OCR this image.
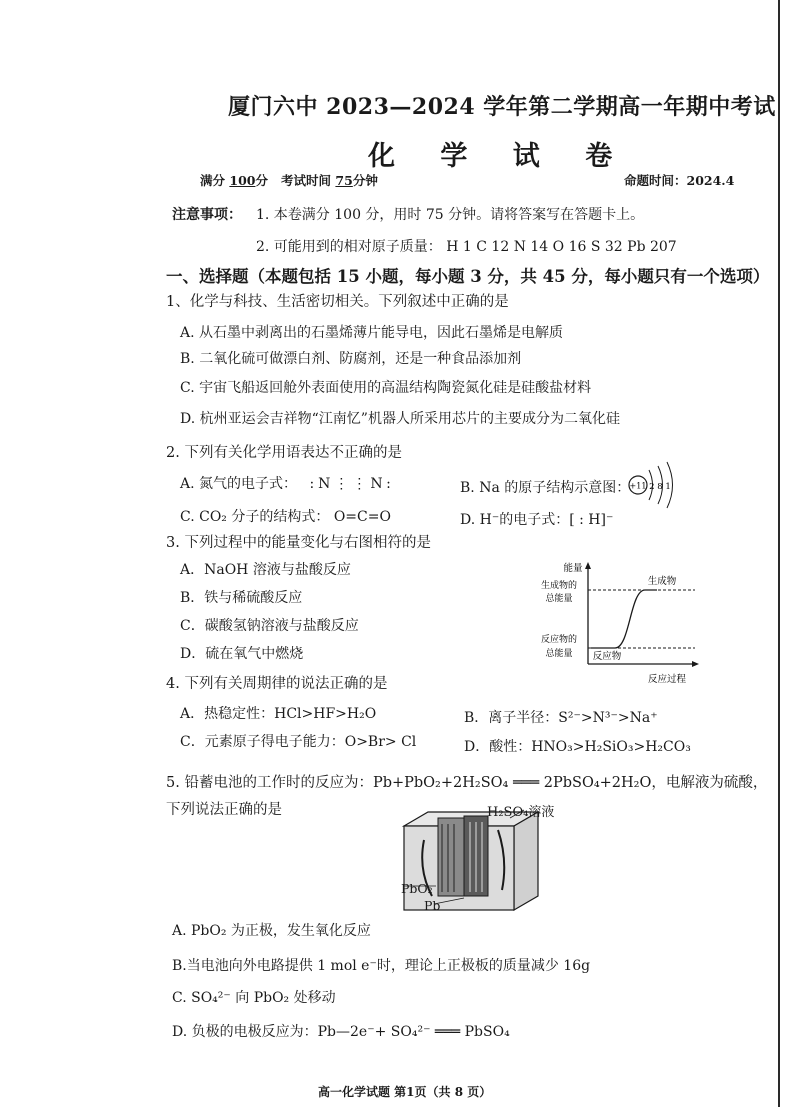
厦门六中 2023—2024 学年第二学期高一年期中考试
化 学 试 卷
满分 100分 考试时间 75分钟	命题时间：2024.4
注意事项： 1. 本卷满分 100 分，用时 75 分钟。请将答案写在答题卡上。
2. 可能用到的相对原子质量： H 1 C 12 N 14 O 16 S 32 Pb 207
一、选择题（本题包括 15 小题，每小题 3 分，共 45 分，每小题只有一个选项）
1、化学与科技、生活密切相关。下列叙述中正确的是
A. 从石墨中剥离出的石墨烯薄片能导电，因此石墨烯是电解质
B. 二氧化硫可做漂白剂、防腐剂，还是一种食品添加剂
C. 宇宙飞船返回舱外表面使用的高温结构陶瓷氮化硅是硅酸盐材料
D. 杭州亚运会吉祥物“江南忆”机器人所采用芯片的主要成分为二氧化硅
2. 下列有关化学用语表达不正确的是
A. 氮气的电子式： :N⋮⋮N:	B. Na 的原子结构示意图： +11 2 8 1
C. CO₂ 分子的结构式： O=C=O	D. H⁻的电子式：[ : H]⁻
3. 下列过程中的能量变化与右图相符的是
A．NaOH 溶液与盐酸反应
B．铁与稀硫酸反应
C．碳酸氢钠溶液与盐酸反应
D．硫在氧气中燃烧
能量
生成物的
总能量
反应物的
总能量
生成物
反应物
反应过程
4. 下列有关周期律的说法正确的是
A．热稳定性：HCl>HF>H₂O	B．离子半径：S²⁻>N³⁻>Na⁺
C．元素原子得电子能力：O>Br> Cl	D．酸性：HNO₃>H₂SiO₃>H₂CO₃
5. 铅蓄电池的工作时的反应为：Pb+PbO₂+2H₂SO₄ ═══ 2PbSO₄+2H₂O，电解液为硫酸，
下列说法正确的是	H₂SO₄溶液
PbO₂
Pb
A. PbO₂ 为正极，发生氧化反应
B.当电池向外电路提供 1 mol e⁻时，理论上正极板的质量减少 16g
C. SO₄²⁻ 向 PbO₂ 处移动
D. 负极的电极反应为：Pb—2e⁻+ SO₄²⁻ ═══ PbSO₄
高一化学试题 第1页（共 8 页）
